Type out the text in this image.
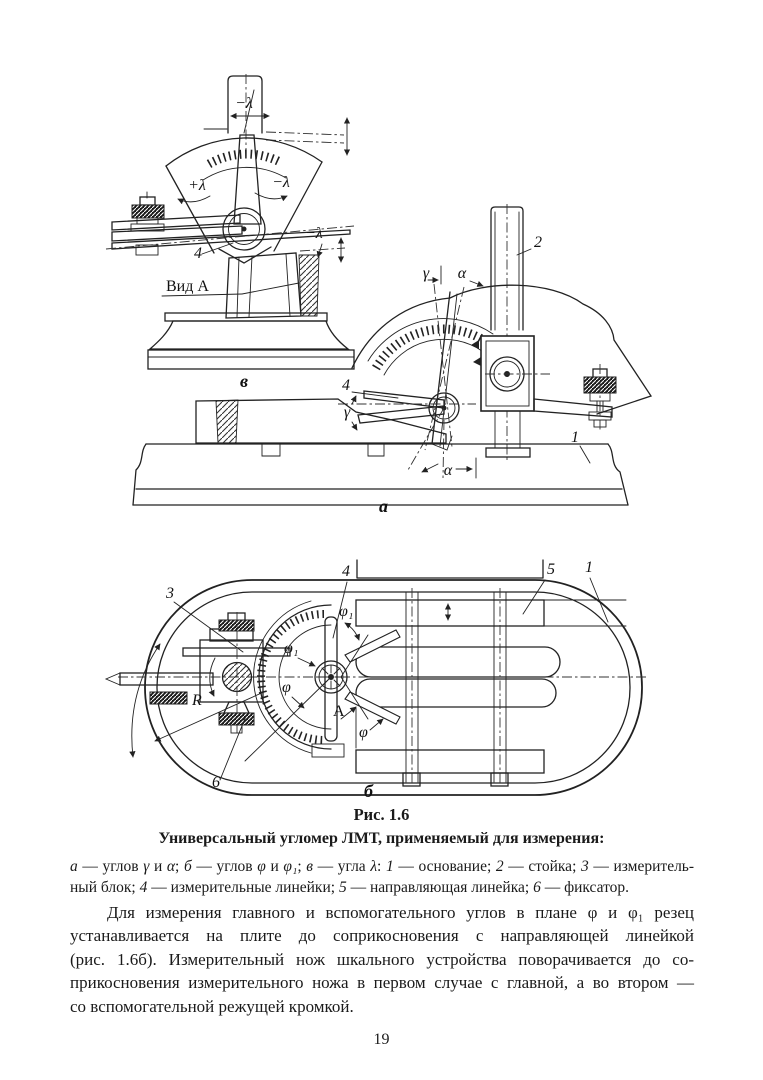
−λ
+λ	−λ
−λ
4
Вид А
в
2
γ α
γ
4
α
1
а
R
3
4	5 1
6
φ₁
φ₁
φ
φ
А
б
Рис. 1.6
Универсальный угломер ЛМТ, применяемый для измерения:
а — углов γ и α; б — углов φ и φ₁; в — угла λ: 1 — основание; 2 — стойка; 3 — измеритель-
ный блок; 4 — измерительные линейки; 5 — направляющая линейка; 6 — фиксатор.
Для измерения главного и вспомогательного углов в плане φ и φ₁ резец
устанавливается на плите до соприкосновения с направляющей линейкой
(рис. 1.6б). Измерительный нож шкального устройства поворачивается до со-
прикосновения измерительного ножа в первом случае с главной, а во втором —
со вспомогательной режущей кромкой.
19
